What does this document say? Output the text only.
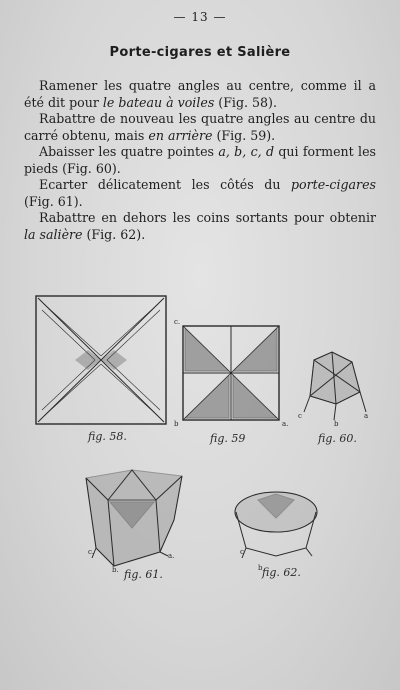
— 13 —
Porte-cigares et Salière

Ramener les quatre angles au centre, comme il a été dit pour le bateau à voiles (Fig. 58).

Rabattre de nouveau les quatre angles au centre du carré obtenu, mais en arrière (Fig. 59).

Abaisser les quatre pointes a, b, c, d qui forment les pieds (Fig. 60).

Ecarter délicatement les côtés du porte-cigares (Fig. 61).

Rabattre en dehors les coins sortants pour obtenir la salière (Fig. 62).

fig. 58.
c.
b	a.
fig. 59
c
b
a
fig. 60.
c.
b.
a.
fig. 61.
c
b fig. 62.
